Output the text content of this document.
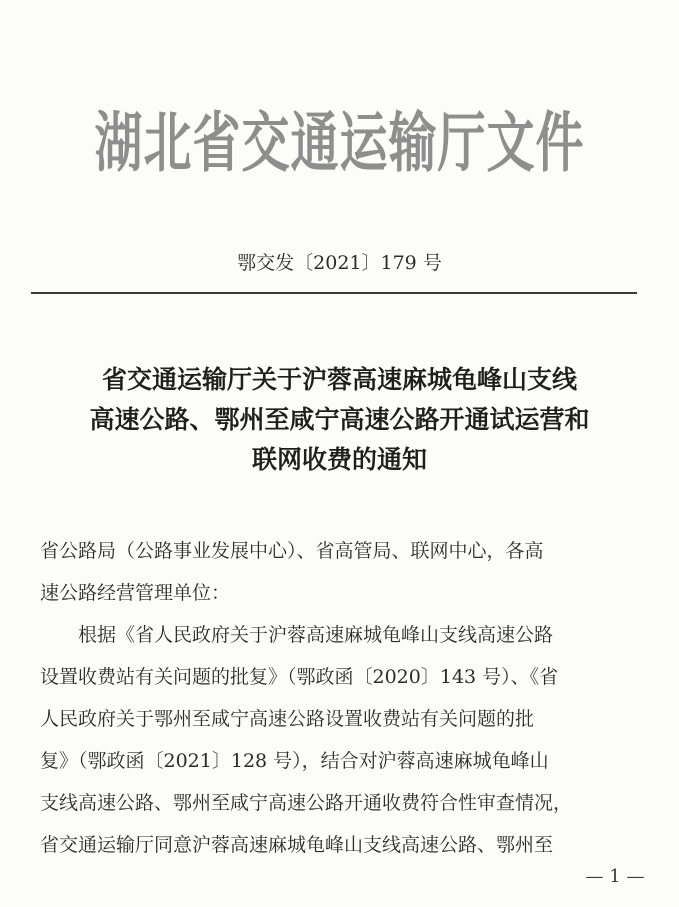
湖北省交通运输厅文件
鄂交发〔2021〕179 号
省交通运输厅关于沪蓉高速麻城龟峰山支线
高速公路、鄂州至咸宁高速公路开通试运营和
联网收费的通知
省公路局（公路事业发展中心）、省高管局、联网中心，各高
速公路经营管理单位：
根据《省人民政府关于沪蓉高速麻城龟峰山支线高速公路
设置收费站有关问题的批复》（鄂政函〔2020〕143 号）、《省
人民政府关于鄂州至咸宁高速公路设置收费站有关问题的批
复》（鄂政函〔2021〕128 号），结合对沪蓉高速麻城龟峰山
支线高速公路、鄂州至咸宁高速公路开通收费符合性审查情况，
省交通运输厅同意沪蓉高速麻城龟峰山支线高速公路、鄂州至
— 1 —
